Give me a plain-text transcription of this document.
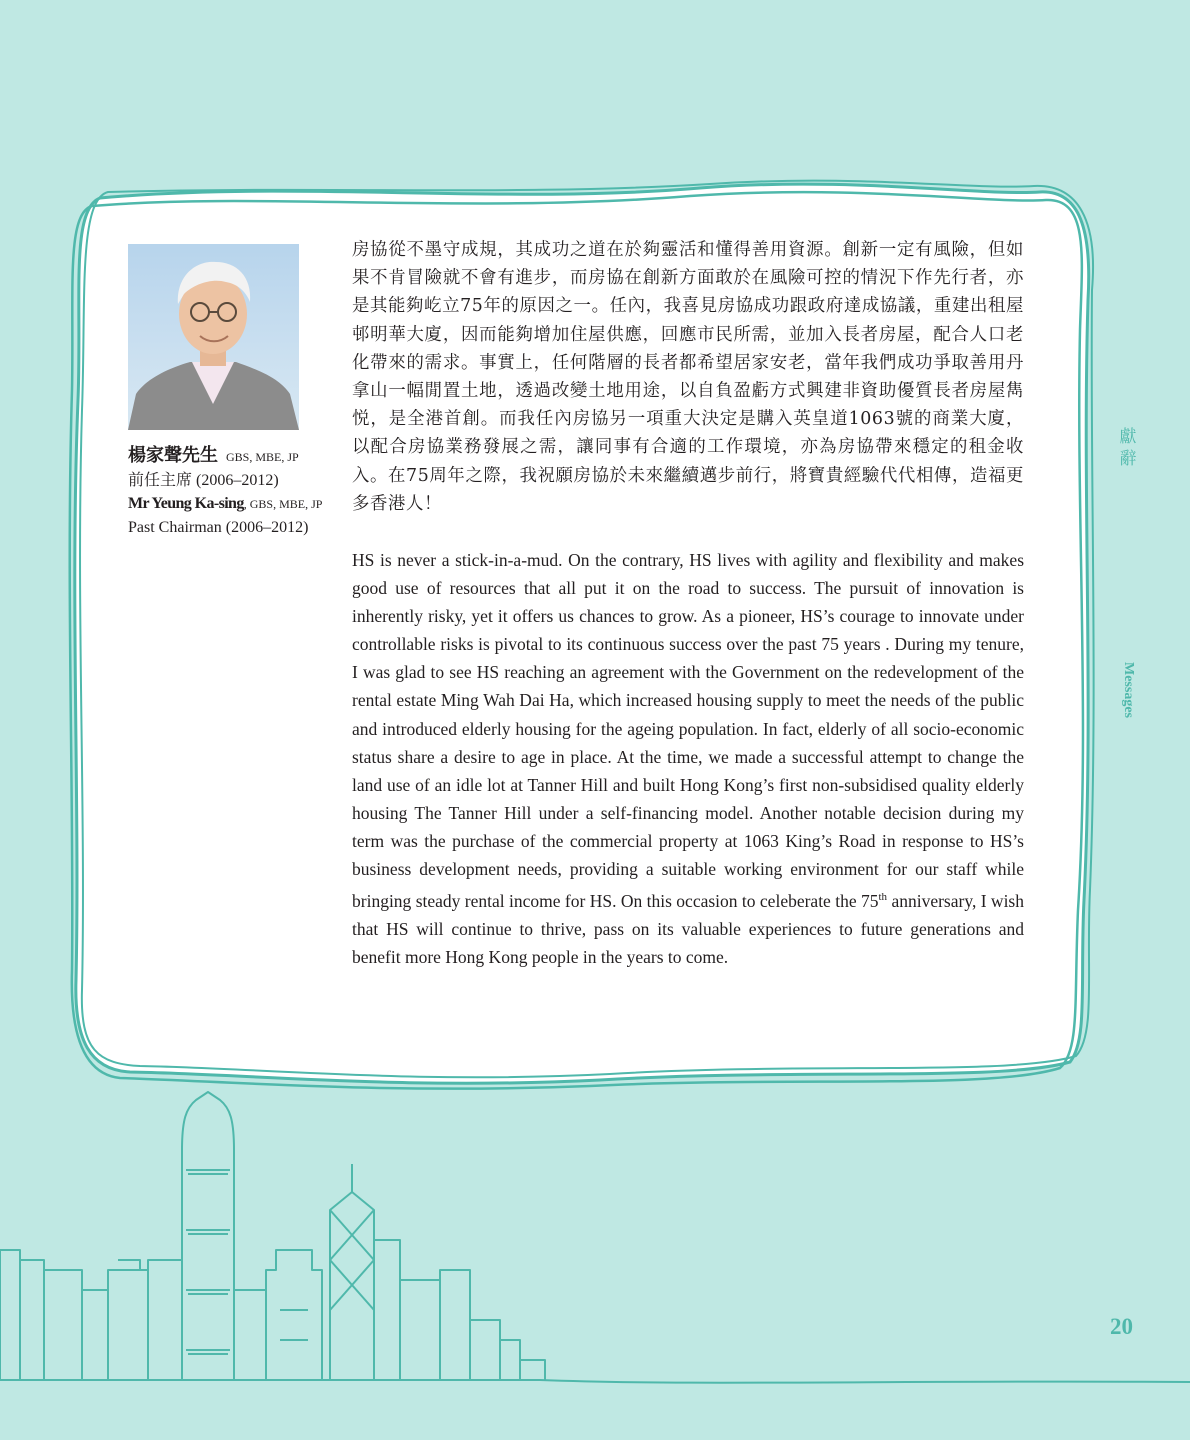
楊家聲先生 GBS, MBE, JP
前任主席 (2006–2012)
Mr Yeung Ka-sing, GBS, MBE, JP
Past Chairman (2006–2012)
房協從不墨守成規，其成功之道在於夠靈活和懂得善用資源。創新一定有風險，但如果不肯冒險就不會有進步，而房協在創新方面敢於在風險可控的情況下作先行者，亦是其能夠屹立75年的原因之一。任內，我喜見房協成功跟政府達成協議，重建出租屋邨明華大廈，因而能夠增加住屋供應，回應市民所需，並加入長者房屋，配合人口老化帶來的需求。事實上，任何階層的長者都希望居家安老，當年我們成功爭取善用丹拿山一幅閒置土地，透過改變土地用途，以自負盈虧方式興建非資助優質長者房屋雋悦，是全港首創。而我任內房協另一項重大決定是購入英皇道1063號的商業大廈，以配合房協業務發展之需，讓同事有合適的工作環境，亦為房協帶來穩定的租金收入。在75周年之際，我祝願房協於未來繼續邁步前行，將寶貴經驗代代相傳，造福更多香港人！
HS is never a stick-in-a-mud. On the contrary, HS lives with agility and flexibility and makes good use of resources that all put it on the road to success. The pursuit of innovation is inherently risky, yet it offers us chances to grow. As a pioneer, HS’s courage to innovate under controllable risks is pivotal to its continuous success over the past 75 years . During my tenure, I was glad to see HS reaching an agreement with the Government on the redevelopment of the rental estate Ming Wah Dai Ha, which increased housing supply to meet the needs of the public and introduced elderly housing for the ageing population. In fact, elderly of all socio-economic status share a desire to age in place. At the time, we made a successful attempt to change the land use of an idle lot at Tanner Hill and built Hong Kong’s first non-subsidised quality elderly housing The Tanner Hill under a self-financing model. Another notable decision during my term was the purchase of the commercial property at 1063 King’s Road in response to HS’s business development needs, providing a suitable working environment for our staff while bringing steady rental income for HS. On this occasion to celeberate the 75th anniversary, I wish that HS will continue to thrive, pass on its valuable experiences to future generations and benefit more Hong Kong people in the years to come.
獻
辭
Messages
20
